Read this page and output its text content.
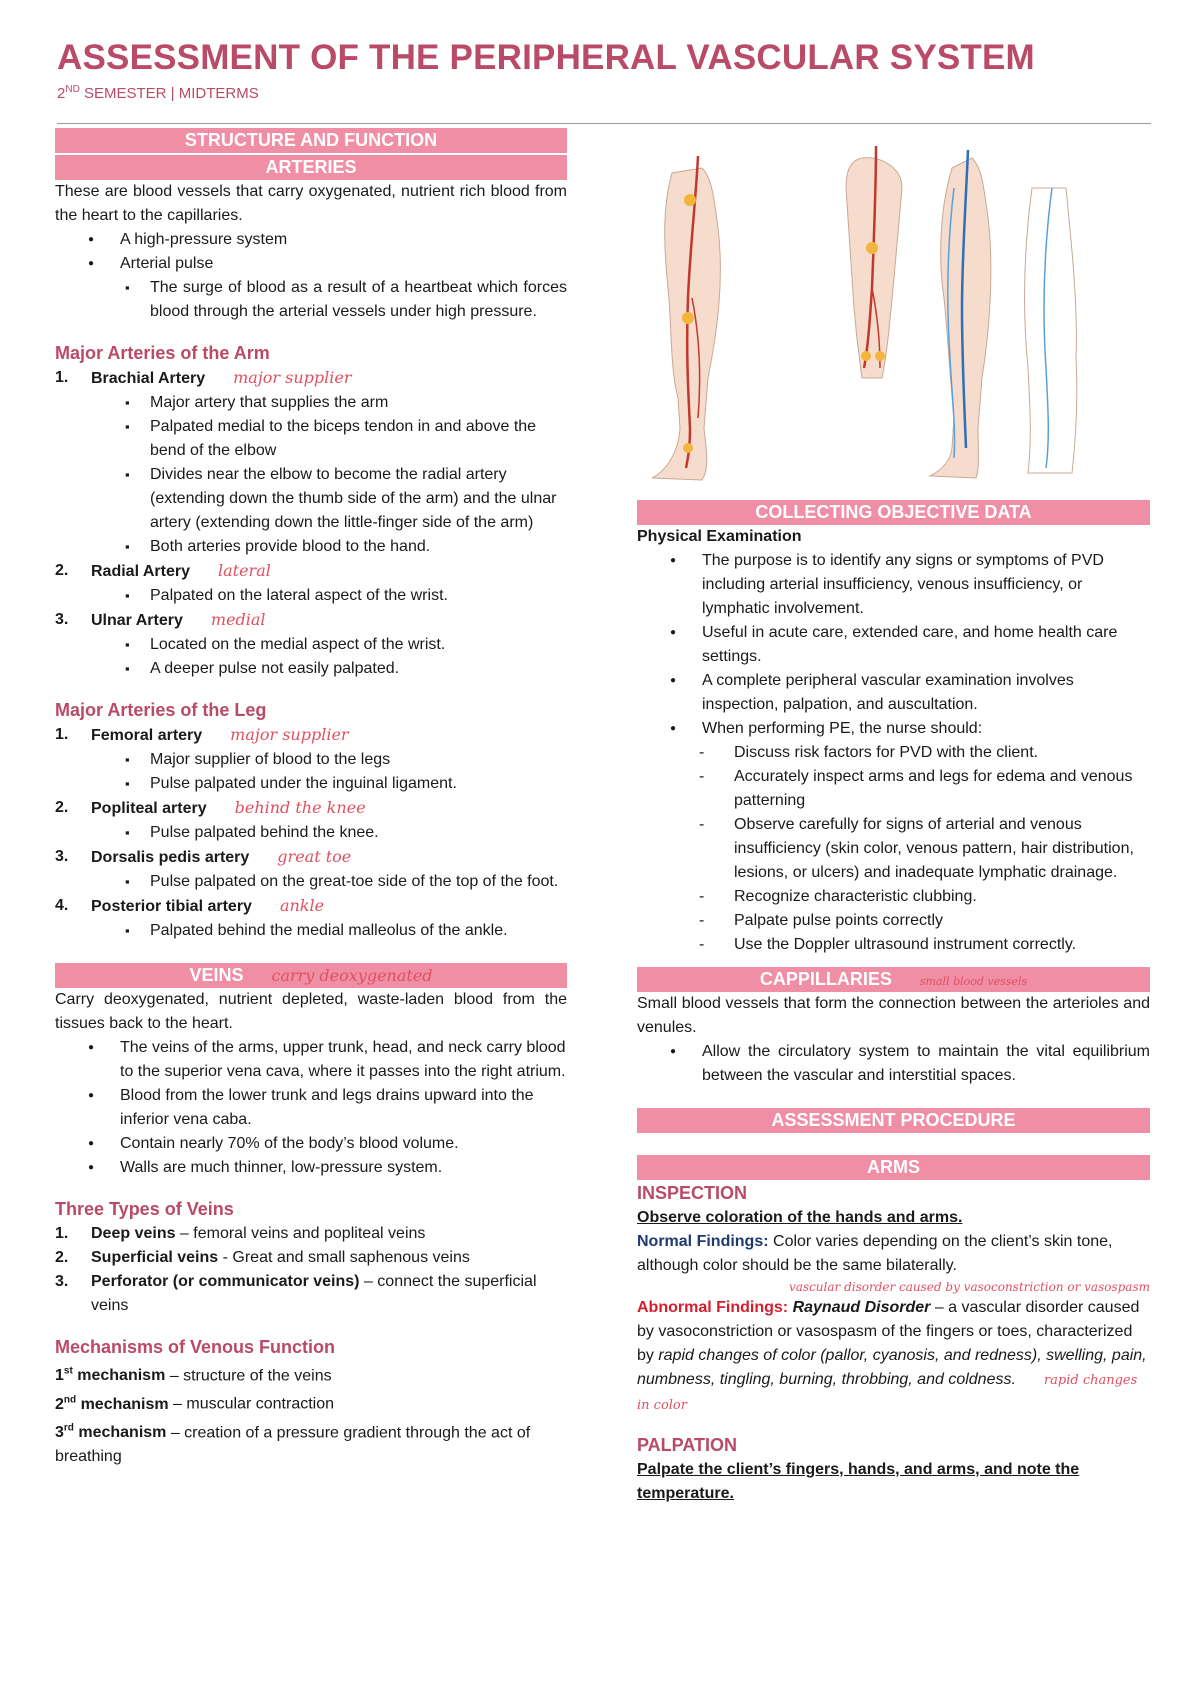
ASSESSMENT OF THE PERIPHERAL VASCULAR SYSTEM
2ND SEMESTER | MIDTERMS
STRUCTURE AND FUNCTION
ARTERIES

These are blood vessels that carry oxygenated, nutrient rich blood from the heart to the capillaries.

● A high-pressure system
● Arterial pulse
▪ The surge of blood as a result of a heartbeat which forces blood through the arterial vessels under high pressure.
Major Arteries of the Arm
1. Brachial Artery major supplier
▪ Major artery that supplies the arm
▪ Palpated medial to the biceps tendon in and above the bend of the elbow
▪ Divides near the elbow to become the radial artery (extending down the thumb side of the arm) and the ulnar artery (extending down the little-finger side of the arm)
▪ Both arteries provide blood to the hand.
2. Radial Artery lateral
▪ Palpated on the lateral aspect of the wrist.
3. Ulnar Artery medial
▪ Located on the medial aspect of the wrist.
▪ A deeper pulse not easily palpated.
Major Arteries of the Leg
1. Femoral artery major supplier
▪ Major supplier of blood to the legs
▪ Pulse palpated under the inguinal ligament.
2. Popliteal artery behind the knee
▪ Pulse palpated behind the knee.
3. Dorsalis pedis artery great toe
▪ Pulse palpated on the great-toe side of the top of the foot.
4. Posterior tibial artery ankle
▪ Palpated behind the medial malleolus of the ankle.
VEINS carry deoxygenated

Carry deoxygenated, nutrient depleted, waste-laden blood from the tissues back to the heart.

● The veins of the arms, upper trunk, head, and neck carry blood to the superior vena cava, where it passes into the right atrium.
● Blood from the lower trunk and legs drains upward into the inferior vena caba.
● Contain nearly 70% of the body’s blood volume.
● Walls are much thinner, low-pressure system.
Three Types of Veins
1. Deep veins – femoral veins and popliteal veins
2. Superficial veins - Great and small saphenous veins
3. Perforator (or communicator veins) – connect the superficial veins
Mechanisms of Venous Function

1st mechanism – structure of the veins

2nd mechanism – muscular contraction

3rd mechanism – creation of a pressure gradient through the act of breathing

COLLECTING OBJECTIVE DATA

Physical Examination

● The purpose is to identify any signs or symptoms of PVD including arterial insufficiency, venous insufficiency, or lymphatic involvement.
● Useful in acute care, extended care, and home health care settings.
● A complete peripheral vascular examination involves inspection, palpation, and auscultation.
● When performing PE, the nurse should:
- Discuss risk factors for PVD with the client.
- Accurately inspect arms and legs for edema and venous patterning
- Observe carefully for signs of arterial and venous insufficiency (skin color, venous pattern, hair distribution, lesions, or ulcers) and inadequate lymphatic drainage.
- Recognize characteristic clubbing.
- Palpate pulse points correctly
- Use the Doppler ultrasound instrument correctly.
CAPPILLARIES	small blood vessels

Small blood vessels that form the connection between the arterioles and venules.

● Allow the circulatory system to maintain the vital equilibrium between the vascular and interstitial spaces.
ASSESSMENT PROCEDURE
ARMS

INSPECTION

Observe coloration of the hands and arms.

Normal Findings: Color varies depending on the client’s skin tone, although color should be the same bilaterally.

vascular disorder caused by vasoconstriction or vasospasm

Abnormal Findings: Raynaud Disorder – a vascular disorder caused by vasoconstriction or vasospasm of the fingers or toes, characterized by rapid changes of color (pallor, cyanosis, and redness), swelling, pain, numbness, tingling, burning, throbbing, and coldness. rapid changes in color

PALPATION

Palpate the client’s fingers, hands, and arms, and note the temperature.
